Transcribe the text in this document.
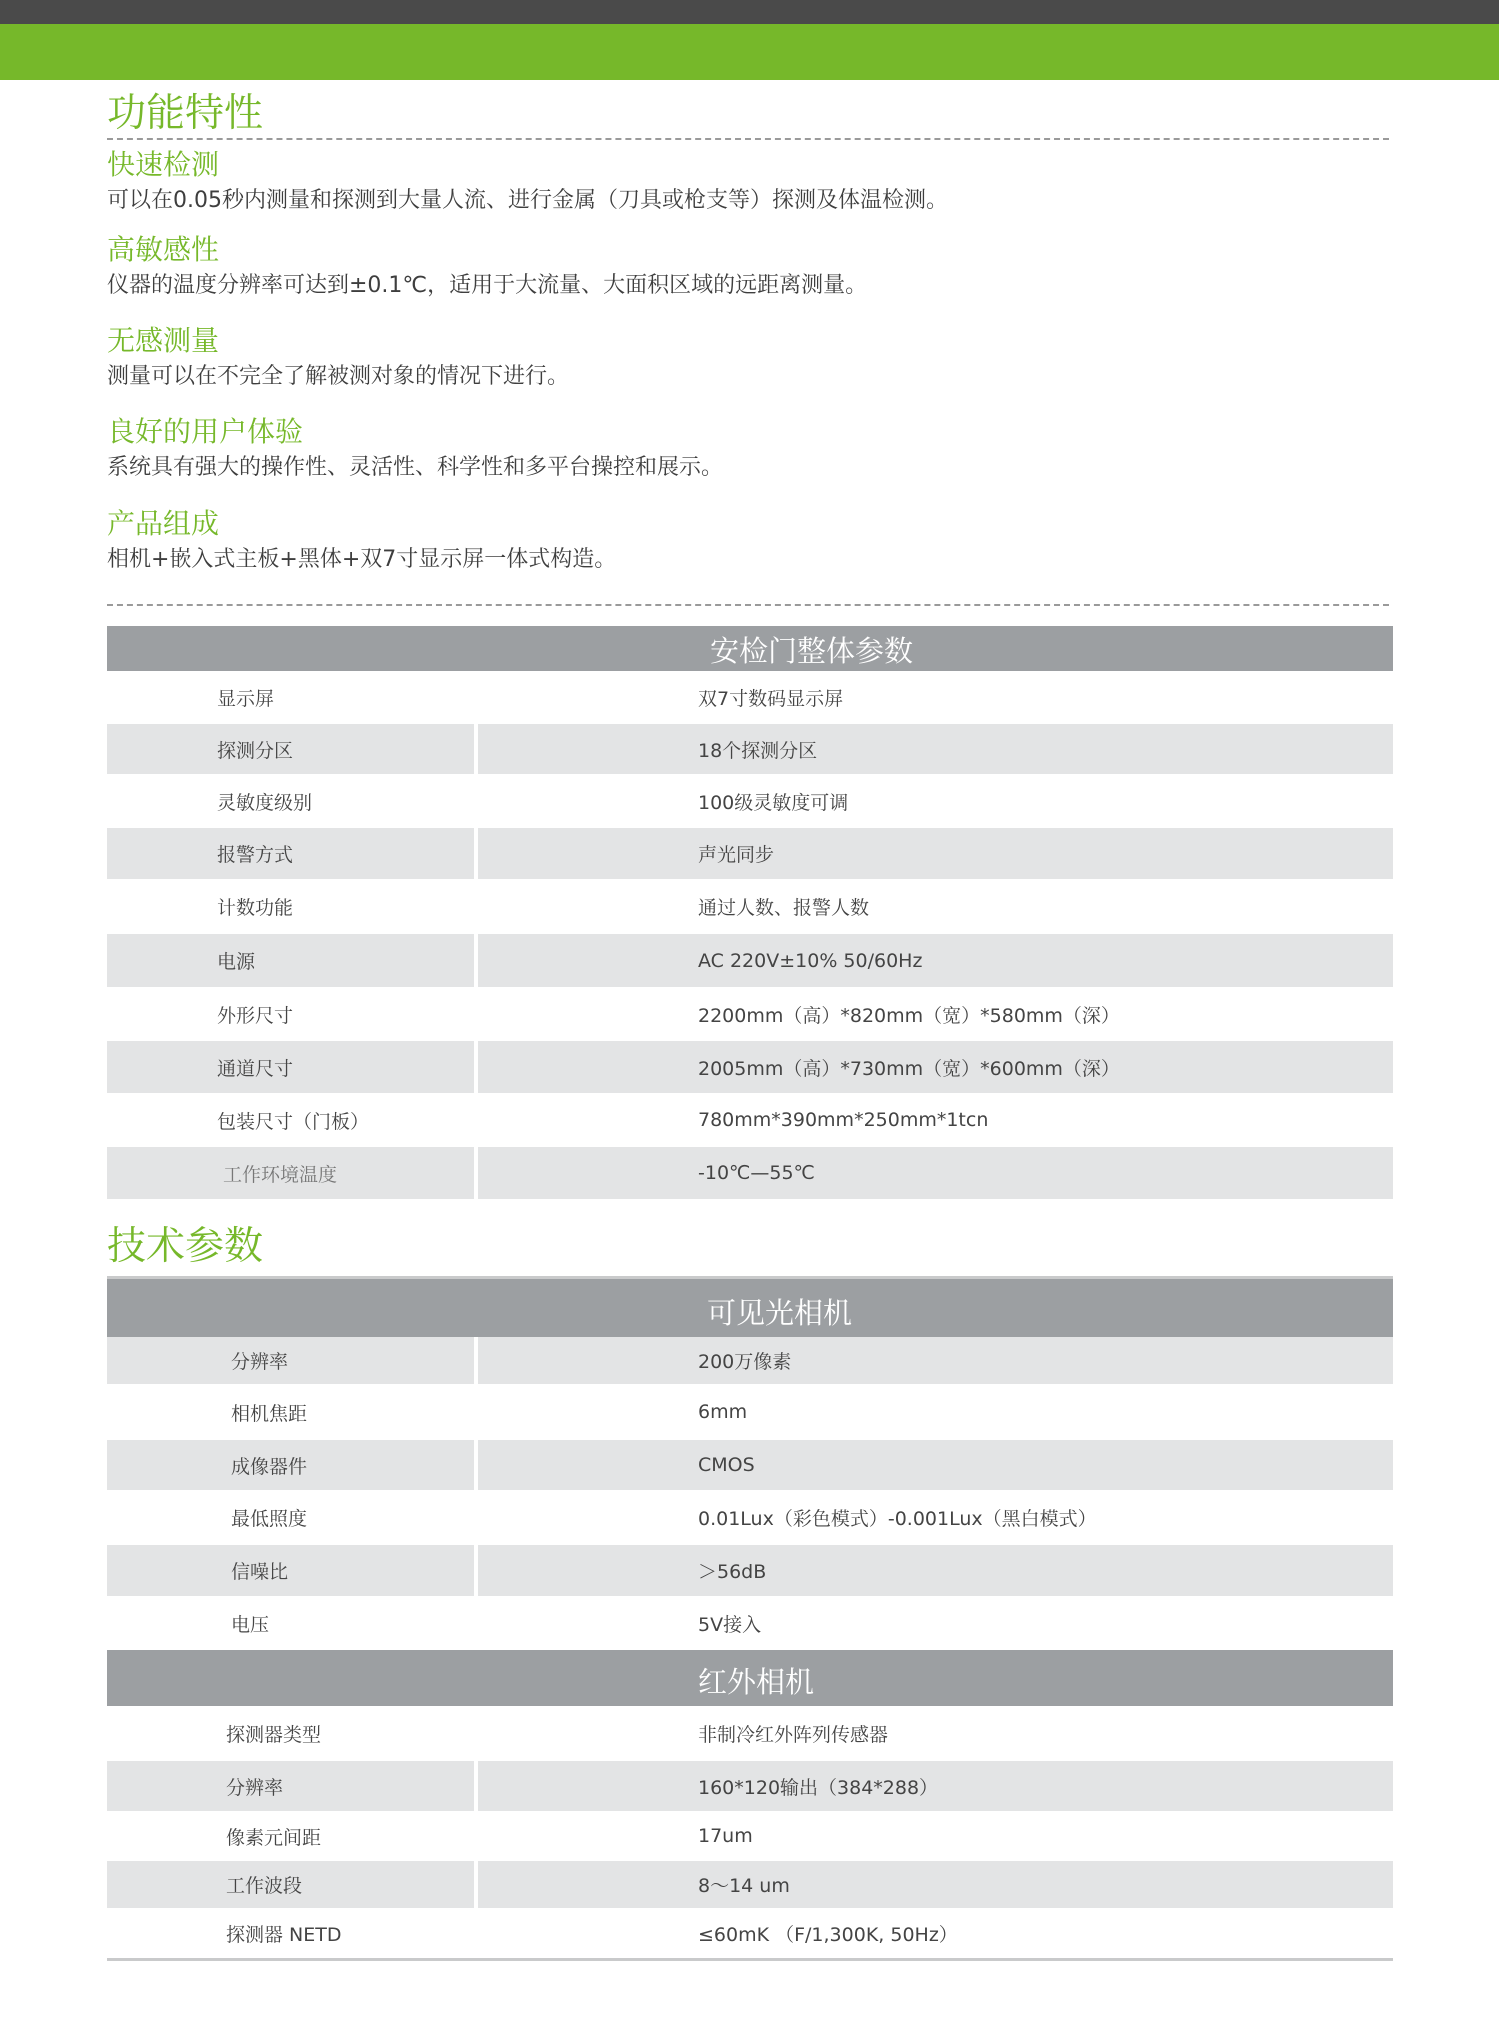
功能特性
快速检测
可以在0.05秒内测量和探测到大量人流、进行金属（刀具或枪支等）探测及体温检测。
高敏感性
仪器的温度分辨率可达到±0.1℃，适用于大流量、大面积区域的远距离测量。
无感测量
测量可以在不完全了解被测对象的情况下进行。
良好的用户体验
系统具有强大的操作性、灵活性、科学性和多平台操控和展示。
产品组成
相机+嵌入式主板+黑体+双7寸显示屏一体式构造。
安检门整体参数
显示屏	双7寸数码显示屏
探测分区	18个探测分区
灵敏度级别	100级灵敏度可调
报警方式	声光同步
计数功能	通过人数、报警人数
电源	AC 220V±10% 50/60Hz
外形尺寸	2200mm（高）*820mm（宽）*580mm（深）
通道尺寸	2005mm（高）*730mm（宽）*600mm（深）
包装尺寸（门板）	780mm*390mm*250mm*1tcn
工作环境温度	-10℃—55℃
技术参数
可见光相机
分辨率	200万像素
相机焦距	6mm
成像器件	CMOS
最低照度	0.01Lux（彩色模式）-0.001Lux（黑白模式）
信噪比	＞56dB
电压	5V接入
红外相机
探测器类型	非制冷红外阵列传感器
分辨率	160*120输出（384*288）
像素元间距	17um
工作波段	8～14 um
探测器 NETD	≤60mK （F/1,300K, 50Hz）
